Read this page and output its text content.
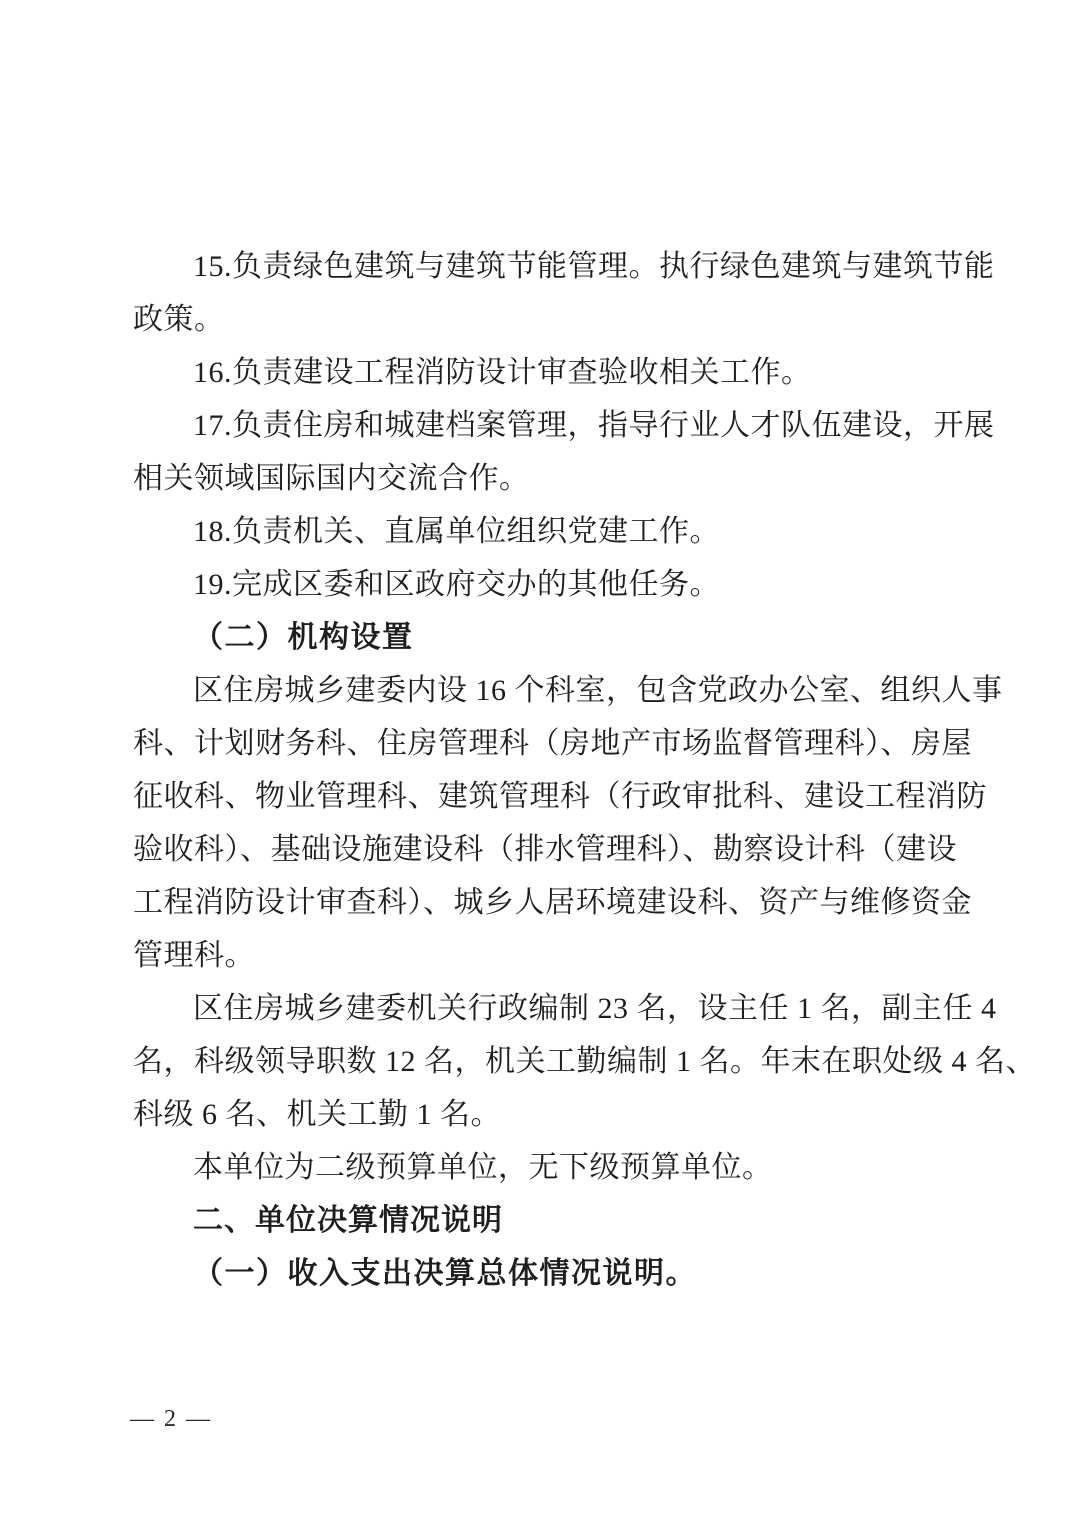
15.负责绿色建筑与建筑节能管理。执行绿色建筑与建筑节能
政策。
16.负责建设工程消防设计审查验收相关工作。
17.负责住房和城建档案管理，指导行业人才队伍建设，开展
相关领域国际国内交流合作。
18.负责机关、直属单位组织党建工作。
19.完成区委和区政府交办的其他任务。
（二）机构设置
区住房城乡建委内设 16 个科室，包含党政办公室、组织人事
科、计划财务科、住房管理科（房地产市场监督管理科）、房屋
征收科、物业管理科、建筑管理科（行政审批科、建设工程消防
验收科）、基础设施建设科（排水管理科）、勘察设计科（建设
工程消防设计审查科）、城乡人居环境建设科、资产与维修资金
管理科。
区住房城乡建委机关行政编制 23 名，设主任 1 名，副主任 4
名，科级领导职数 12 名，机关工勤编制 1 名。年末在职处级 4 名、
科级 6 名、机关工勤 1 名。
本单位为二级预算单位，无下级预算单位。
二、单位决算情况说明
（一）收入支出决算总体情况说明。
— 2 —
